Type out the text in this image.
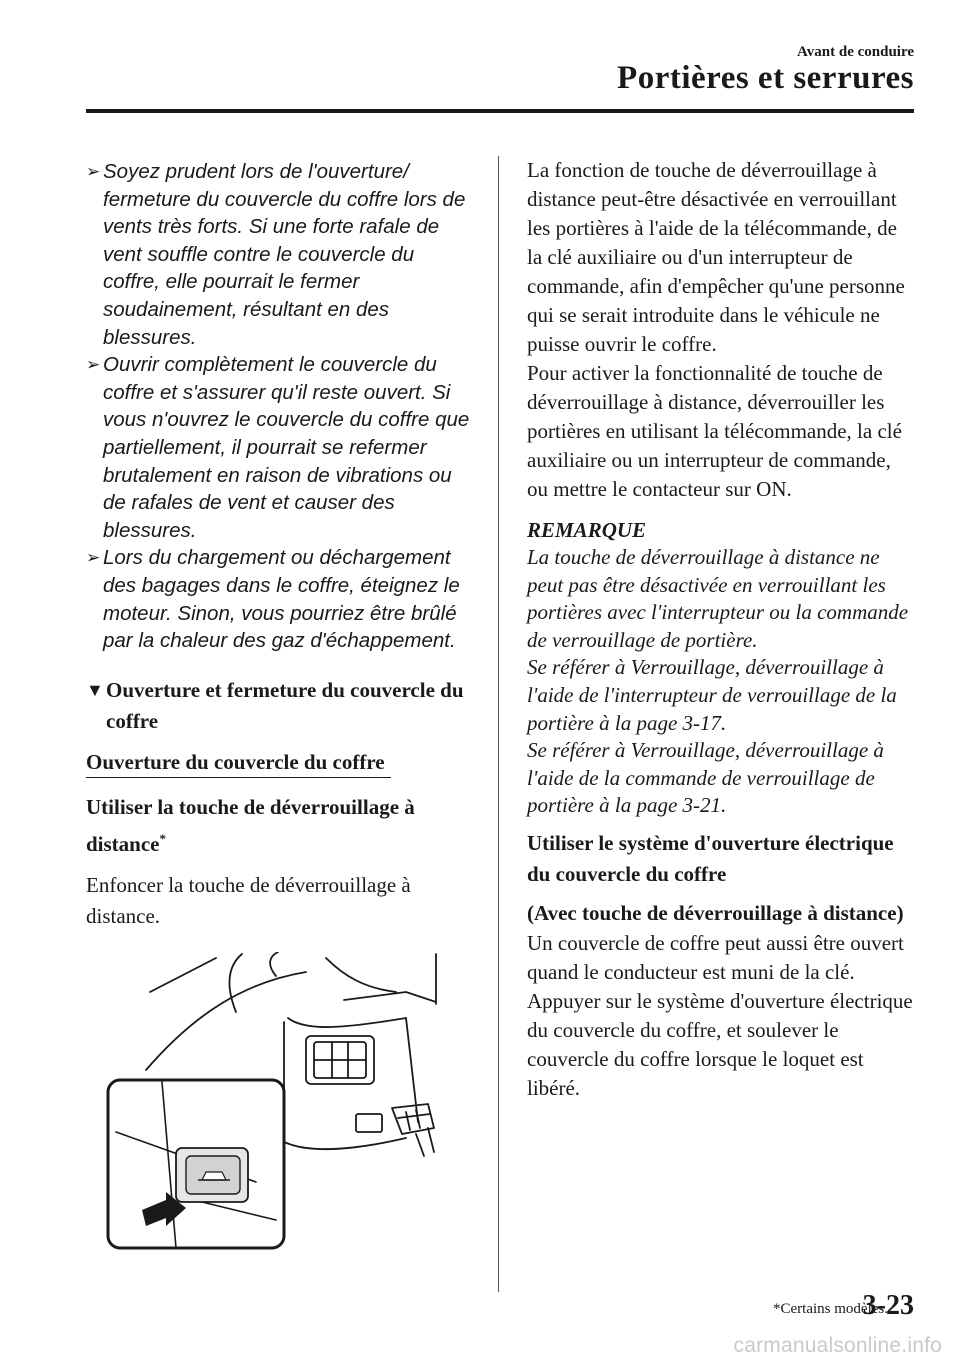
Avant de conduire
Portières et serrures
➢ Soyez prudent lors de l'ouverture/ fermeture du couvercle du coffre lors de vents très forts. Si une forte rafale de vent souffle contre le couvercle du coffre, elle pourrait le fermer soudainement, résultant en des blessures.
➢ Ouvrir complètement le couvercle du coffre et s'assurer qu'il reste ouvert. Si vous n'ouvrez le couvercle du coffre que partiellement, il pourrait se refermer brutalement en raison de vibrations ou de rafales de vent et causer des blessures.
➢ Lors du chargement ou déchargement des bagages dans le coffre, éteignez le moteur. Sinon, vous pourriez être brûlé par la chaleur des gaz d'échappement.
▼ Ouverture et fermeture du couvercle du coffre
Ouverture du couvercle du coffre
Utiliser la touche de déverrouillage à distance*
Enfoncer la touche de déverrouillage à distance.

La fonction de touche de déverrouillage à distance peut-être désactivée en verrouillant les portières à l'aide de la télécommande, de la clé auxiliaire ou d'un interrupteur de commande, afin d'empêcher qu'une personne qui se serait introduite dans le véhicule ne puisse ouvrir le coffre.

Pour activer la fonctionnalité de touche de déverrouillage à distance, déverrouiller les portières en utilisant la télécommande, la clé auxiliaire ou un interrupteur de commande, ou mettre le contacteur sur ON.

REMARQUE
La touche de déverrouillage à distance ne peut pas être désactivée en verrouillant les portières avec l'interrupteur ou la commande de verrouillage de portière.
Se référer à Verrouillage, déverrouillage à l'aide de l'interrupteur de verrouillage de la portière à la page 3-17.
Se référer à Verrouillage, déverrouillage à l'aide de la commande de verrouillage de portière à la page 3-21.
Utiliser le système d'ouverture électrique du couvercle du coffre
(Avec touche de déverrouillage à distance)

Un couvercle de coffre peut aussi être ouvert quand le conducteur est muni de la clé.

Appuyer sur le système d'ouverture électrique du couvercle du coffre, et soulever le couvercle du coffre lorsque le loquet est libéré.

*Certains modèles.
3-23
carmanualsonline.info
